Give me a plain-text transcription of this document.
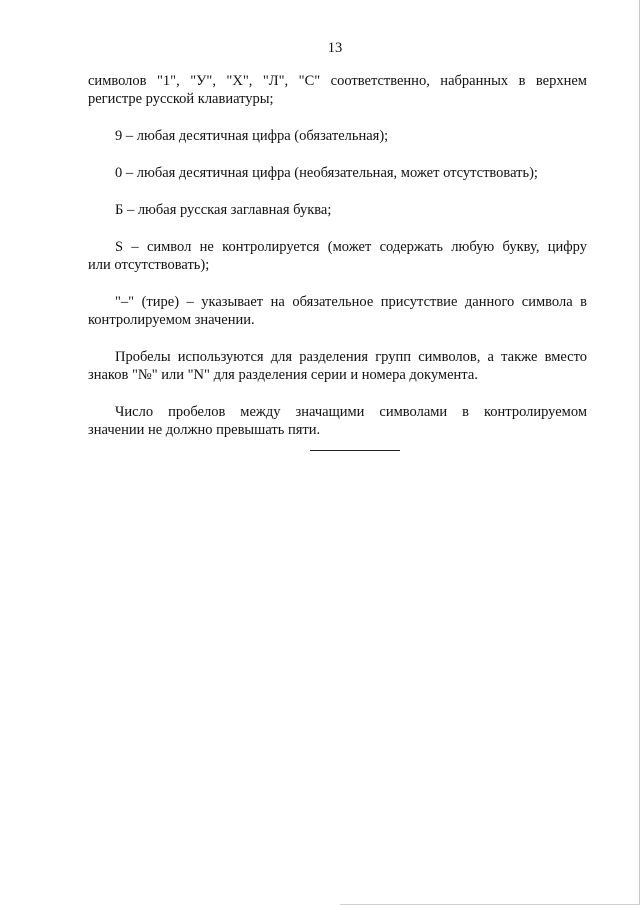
13

символов "1", "У", "Х", "Л", "С" соответственно, набранных в верхнем

регистре русской клавиатуры;

9 – любая десятичная цифра (обязательная);

0 – любая десятичная цифра (необязательная, может отсутствовать);

Б – любая русская заглавная буква;

S – символ не контролируется (может содержать любую букву, цифру

или отсутствовать);

"–" (тире) – указывает на обязательное присутствие данного символа в

контролируемом значении.

Пробелы используются для разделения групп символов, а также вместо

знаков "№" или "N" для разделения серии и номера документа.

Число пробелов между значащими символами в контролируемом

значении не должно превышать пяти.
